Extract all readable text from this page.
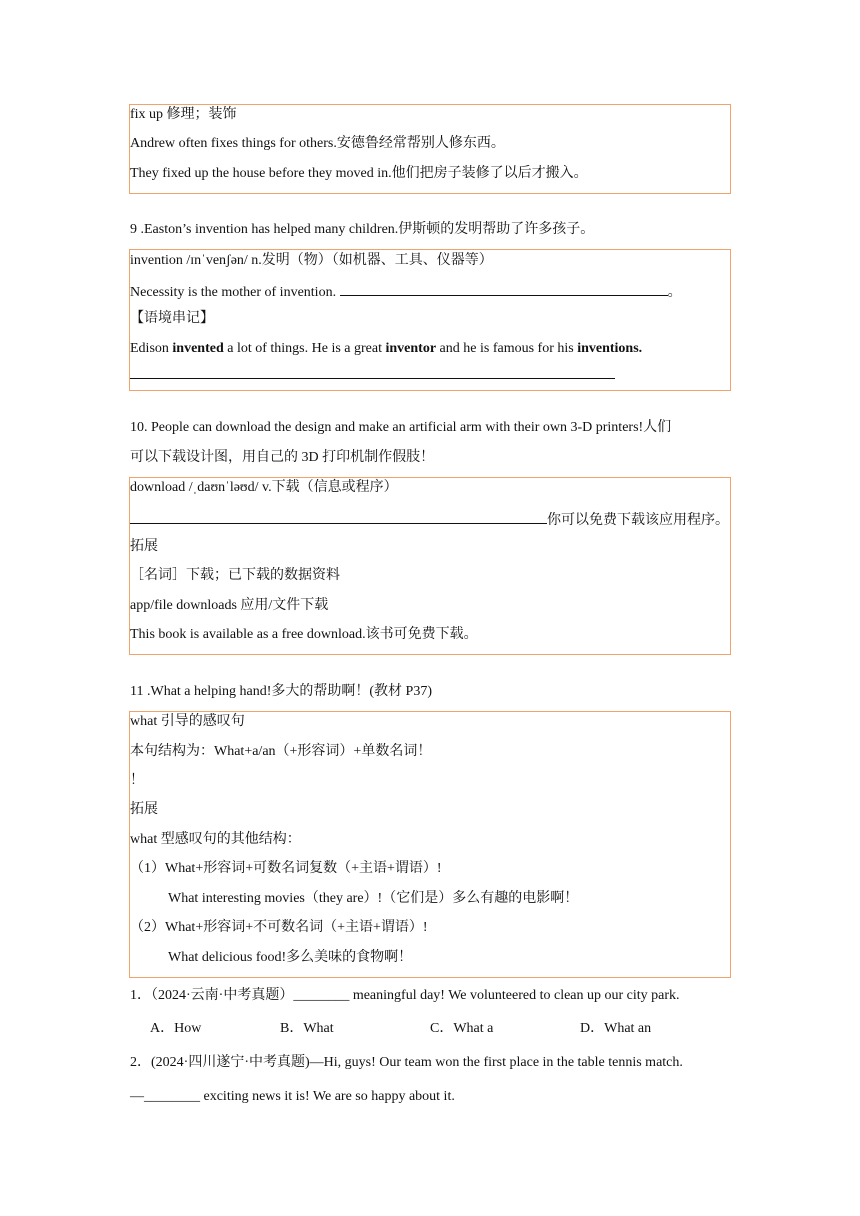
fix up 修理；装饰
Andrew often fixes things for others.安德鲁经常帮别人修东西。
They fixed up the house before they moved in.他们把房子装修了以后才搬入。
9 .Easton’s invention has helped many children.伊斯顿的发明帮助了许多孩子。
invention /ɪnˈvenʃən/ n.发明（物）（如机器、工具、仪器等）
Necessity is the mother of invention.	。
【语境串记】
Edison invented a lot of things. He is a great inventor and he is famous for his inventions.
10. People can download the design and make an artificial arm with their own 3-D printers!人们
可以下载设计图，用自己的 3D 打印机制作假肢！
download /ˌdaʊnˈləʊd/ v.下载（信息或程序）
你可以免费下载该应用程序。
拓展
［名词］下载；已下载的数据资料
app/file downloads 应用/文件下载
This book is available as a free download.该书可免费下载。
11 .What a helping hand!多大的帮助啊！(教材 P37)
what 引导的感叹句
本句结构为：What+a/an（+形容词）+单数名词！
！
拓展
what 型感叹句的其他结构：
（1）What+形容词+可数名词复数（+主语+谓语）!
What interesting movies（they are）!（它们是）多么有趣的电影啊！
（2）What+形容词+不可数名词（+主语+谓语）!
What delicious food!多么美味的食物啊！
1．（2024·云南·中考真题）________ meaningful day! We volunteered to clean up our city park.
A．How	B．What	C．What a	D．What an
2．(2024·四川遂宁·中考真题)—Hi, guys! Our team won the first place in the table tennis match.
—________ exciting news it is! We are so happy about it.
